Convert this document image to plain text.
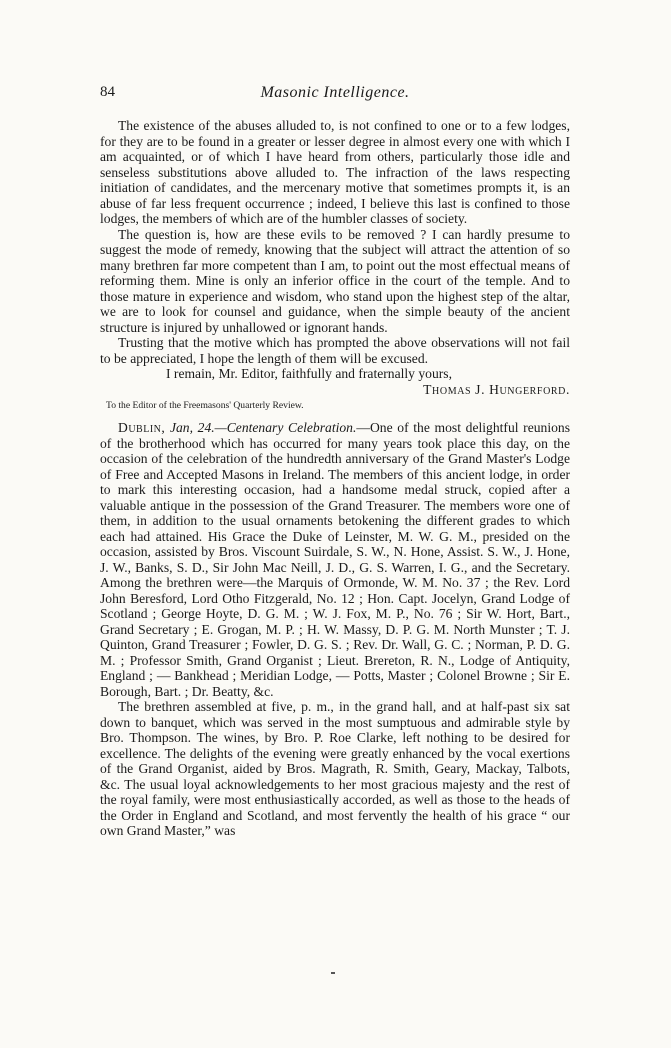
84	Masonic Intelligence.

The existence of the abuses alluded to, is not confined to one or to a few lodges, for they are to be found in a greater or lesser degree in almost every one with which I am acquainted, or of which I have heard from others, particularly those idle and senseless substitutions above alluded to. The infraction of the laws respecting initiation of candidates, and the mercenary motive that sometimes prompts it, is an abuse of far less frequent occurrence ; indeed, I believe this last is confined to those lodges, the members of which are of the humbler classes of society.

The question is, how are these evils to be removed ? I can hardly presume to suggest the mode of remedy, knowing that the subject will attract the attention of so many brethren far more competent than I am, to point out the most effectual means of reforming them. Mine is only an inferior office in the court of the temple. And to those mature in experience and wisdom, who stand upon the highest step of the altar, we are to look for counsel and guidance, when the simple beauty of the ancient structure is injured by unhallowed or ignorant hands.

Trusting that the motive which has prompted the above observations will not fail to be appreciated, I hope the length of them will be excused.

I remain, Mr. Editor, faithfully and fraternally yours,

Thomas J. Hungerford.

To the Editor of the Freemasons' Quarterly Review.

Dublin, Jan, 24.—Centenary Celebration.—One of the most delightful reunions of the brotherhood which has occurred for many years took place this day, on the occasion of the celebration of the hundredth anniversary of the Grand Master's Lodge of Free and Accepted Masons in Ireland. The members of this ancient lodge, in order to mark this interesting occasion, had a handsome medal struck, copied after a valuable antique in the possession of the Grand Treasurer. The members wore one of them, in addition to the usual ornaments betokening the different grades to which each had attained. His Grace the Duke of Leinster, M. W. G. M., presided on the occasion, assisted by Bros. Viscount Suirdale, S. W., N. Hone, Assist. S. W., J. Hone, J. W., Banks, S. D., Sir John Mac Neill, J. D., G. S. Warren, I. G., and the Secretary. Among the brethren were—the Marquis of Ormonde, W. M. No. 37 ; the Rev. Lord John Beresford, Lord Otho Fitzgerald, No. 12 ; Hon. Capt. Jocelyn, Grand Lodge of Scotland ; George Hoyte, D. G. M. ; W. J. Fox, M. P., No. 76 ; Sir W. Hort, Bart., Grand Secretary ; E. Grogan, M. P. ; H. W. Massy, D. P. G. M. North Munster ; T. J. Quinton, Grand Treasurer ; Fowler, D. G. S. ; Rev. Dr. Wall, G. C. ; Norman, P. D. G. M. ; Professor Smith, Grand Organist ; Lieut. Brereton, R. N., Lodge of Antiquity, England ; — Bankhead ; Meridian Lodge, — Potts, Master ; Colonel Browne ; Sir E. Borough, Bart. ; Dr. Beatty, &c.

The brethren assembled at five, p. m., in the grand hall, and at half-past six sat down to banquet, which was served in the most sumptuous and admirable style by Bro. Thompson. The wines, by Bro. P. Roe Clarke, left nothing to be desired for excellence. The delights of the evening were greatly enhanced by the vocal exertions of the Grand Organist, aided by Bros. Magrath, R. Smith, Geary, Mackay, Talbots, &c. The usual loyal acknowledgements to her most gracious majesty and the rest of the royal family, were most enthusiastically accorded, as well as those to the heads of the Order in England and Scotland, and most fervently the health of his grace “ our own Grand Master,” was
